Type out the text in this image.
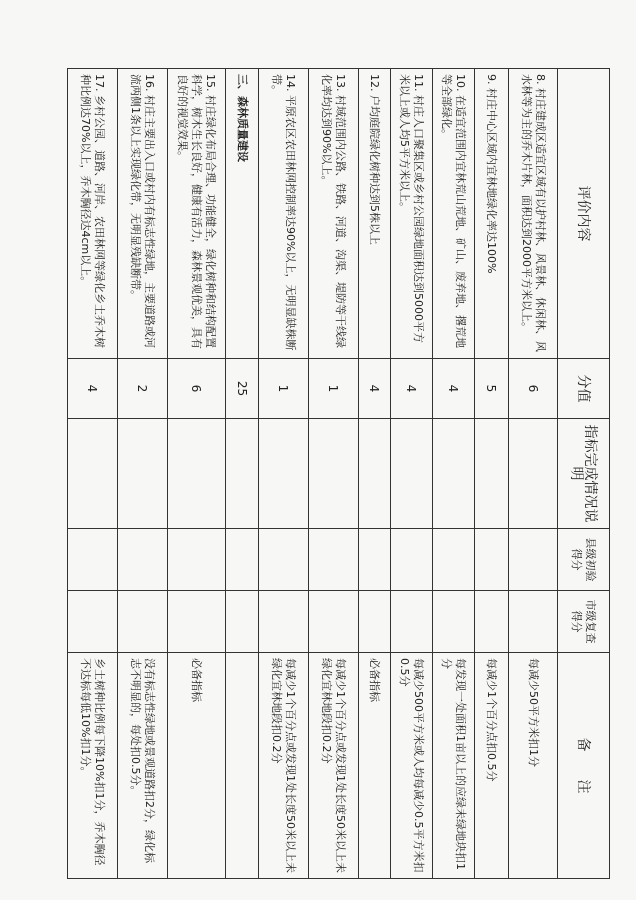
评价内容	分值	指标完成情况说明	县级初验得分	市级复查得分	备　　注
8. 村庄建成区适宜区域有以护村林、风景林、休闲林、风水林等为主的乔木片林，面积达到2000平方米以上。	6				每减少50平方米扣1分
9. 村庄中心区域内宜林地绿化率达100%	5				每减少1个百分点扣0.5分
10. 在适宜范围内宜林荒山荒地、矿山、废弃地、撂荒地等全部绿化。	4				每发现一处面积1亩以上的应绿未绿地块扣1分
11. 村庄人口聚集区或乡村公园绿地面积达到5000平方米以上或人均5平方米以上。	4				每减少500平方米或人均每减少0.5平方米扣0.5分
12. 户均庭院绿化树种达到5株以上	4				必备指标
13. 村域范围内公路、铁路、河道、沟渠、堤防等干线绿化率均达到90%以上。	1				每减少1个百分点或发现1处长度50米以上未绿化宜林地段扣0.2分
14. 平原农区农田林网控制率达90%以上，无明显缺株断带。	1				每减少1个百分点或发现1处长度50米以上未绿化宜林地段扣0.2分
三、森林质量建设	25				
15. 村庄绿化布局合理、功能健全，绿化树种和结构配置科学，树木生长良好，健康有活力，森林景观优美，具有良好的视觉效果。	6				必备指标
16. 村庄主要出入口或村内有标志性绿地，主要道路或河流两侧1条以上实现绿化带，无明显残缺断带。	2				没有标志性绿地或景观道路扣2分，绿化标志不明显的，每处扣0.5分。
17. 乡村公园、道路、河岸、农田林网等绿化乡土乔木树种比例达70%以上，乔木胸径达4cm以上。	4				乡土树种比例每下降10%扣1分，乔木胸径不达标每低10%扣1分。
